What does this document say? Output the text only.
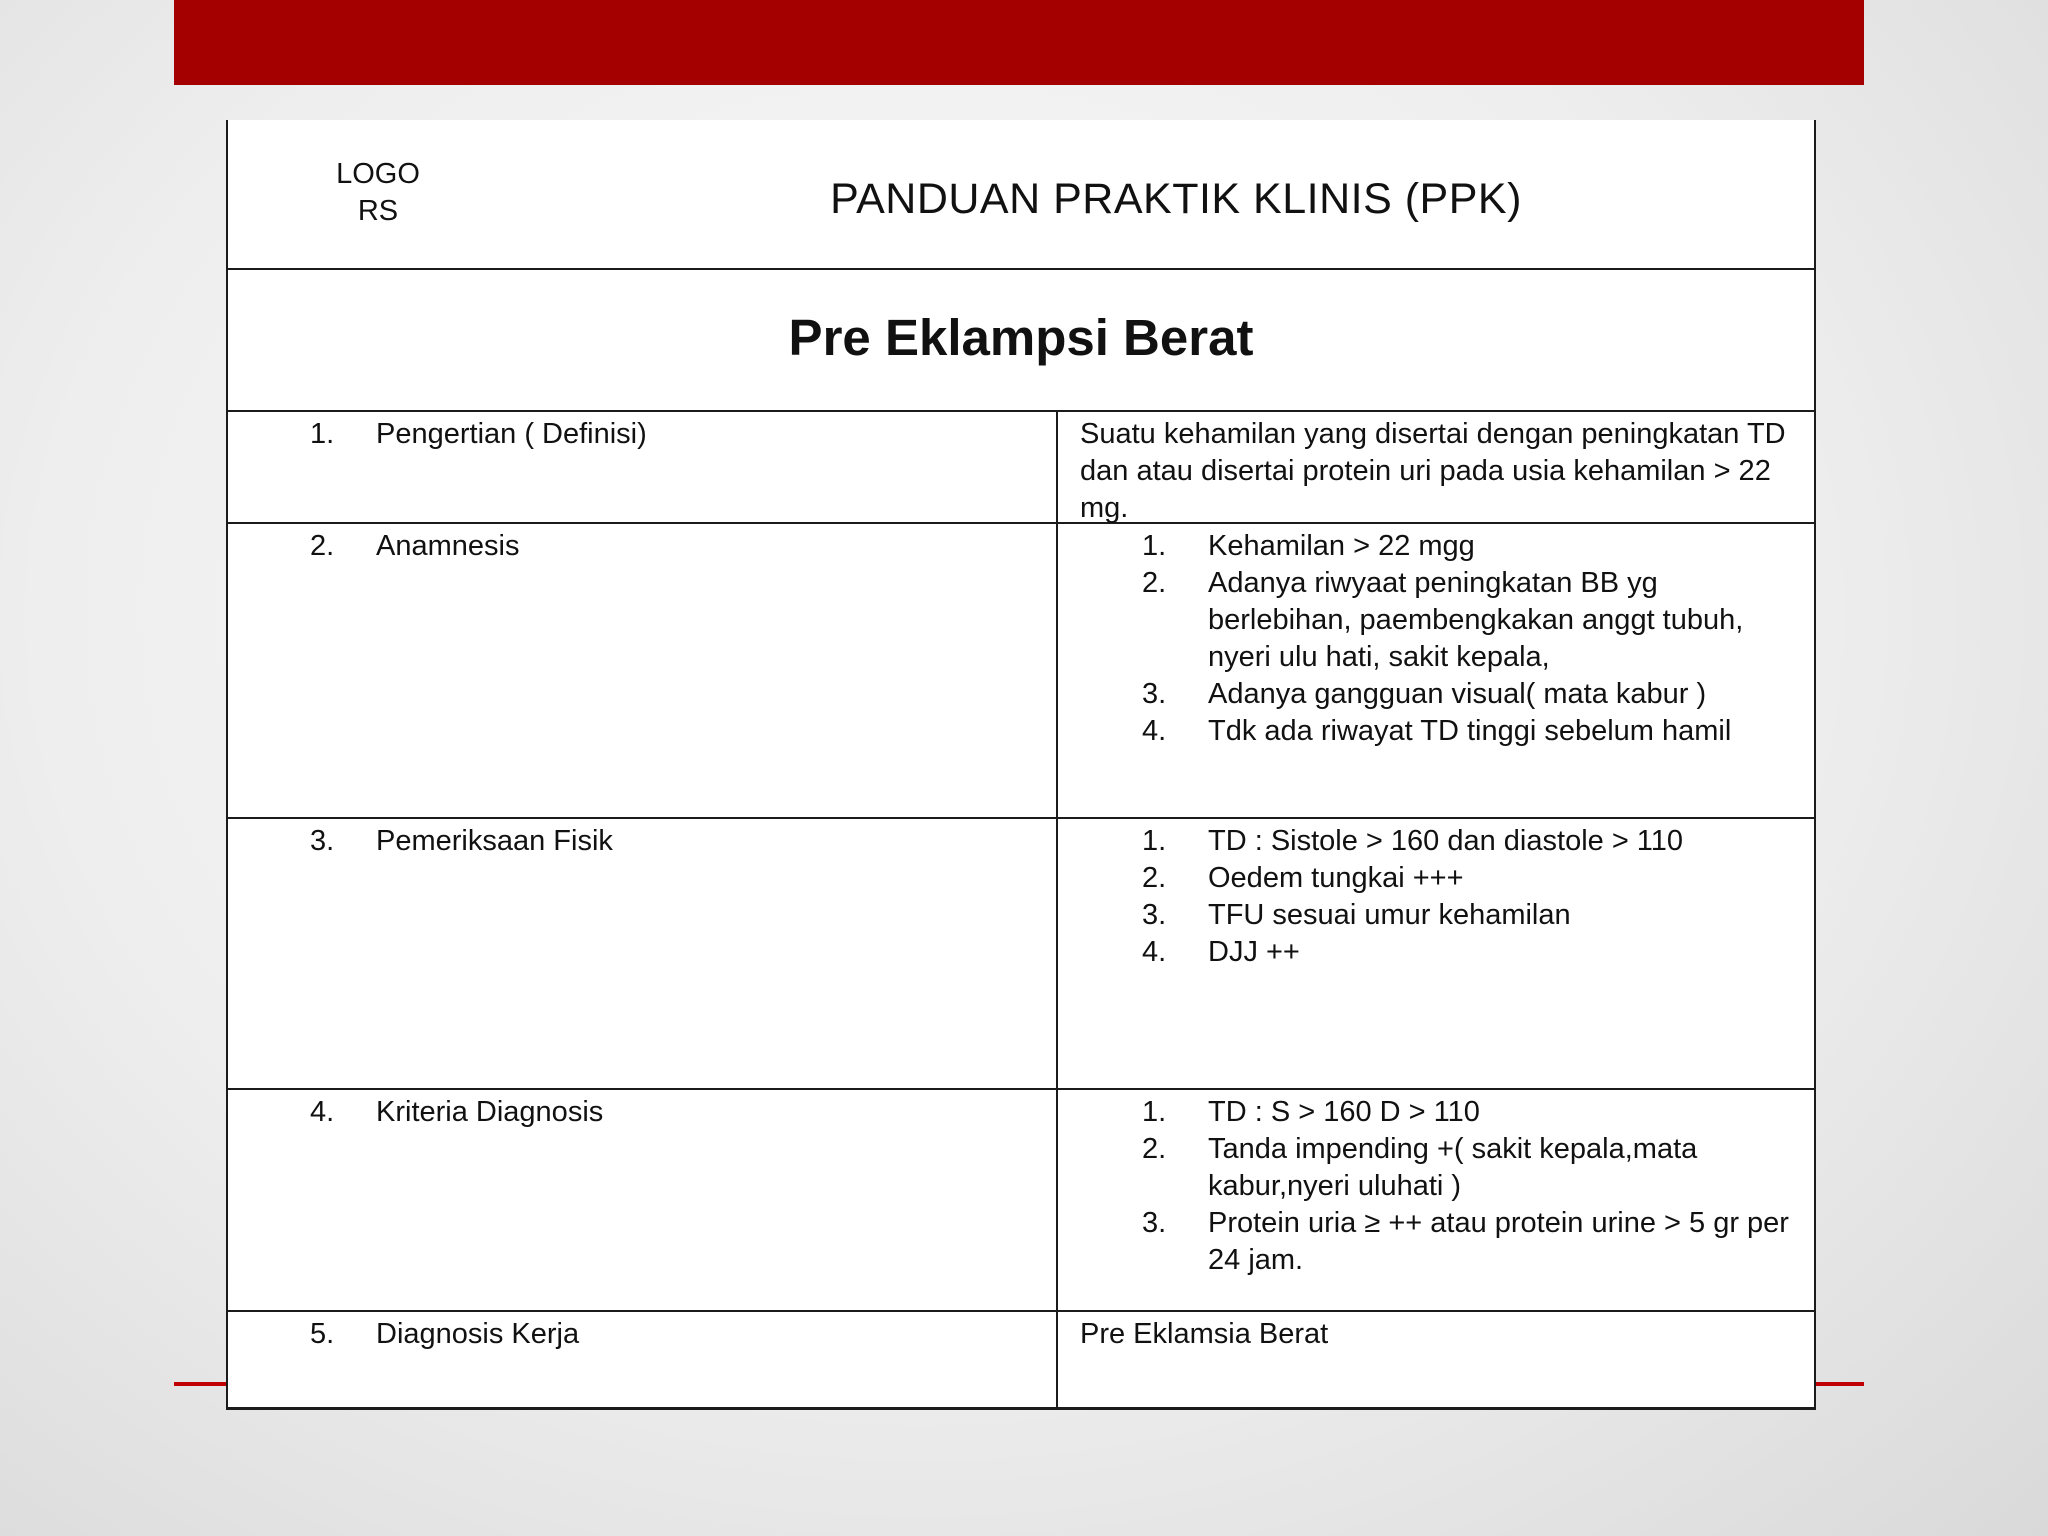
LOGO
RS	PANDUAN PRAKTIK KLINIS (PPK)
Pre Eklampsi Berat
1. Pengertian ( Definisi)	Suatu kehamilan yang disertai dengan peningkatan TD dan atau disertai protein uri pada usia kehamilan > 22 mg.
2. Anamnesis	1. Kehamilan > 22 mgg
2. Adanya riwyaat peningkatan BB yg berlebihan, paembengkakan anggt tubuh, nyeri ulu hati, sakit kepala,
3. Adanya gangguan visual( mata kabur )
4. Tdk ada riwayat TD tinggi sebelum hamil
3. Pemeriksaan Fisik	1. TD : Sistole > 160 dan diastole > 110
2. Oedem tungkai +++
3. TFU sesuai umur kehamilan
4. DJJ ++
4. Kriteria Diagnosis	1. TD : S > 160 D > 110
2. Tanda impending +( sakit kepala,mata kabur,nyeri uluhati )
3. Protein uria ≥ ++ atau protein urine > 5 gr per 24 jam.
5. Diagnosis Kerja	Pre Eklamsia Berat
